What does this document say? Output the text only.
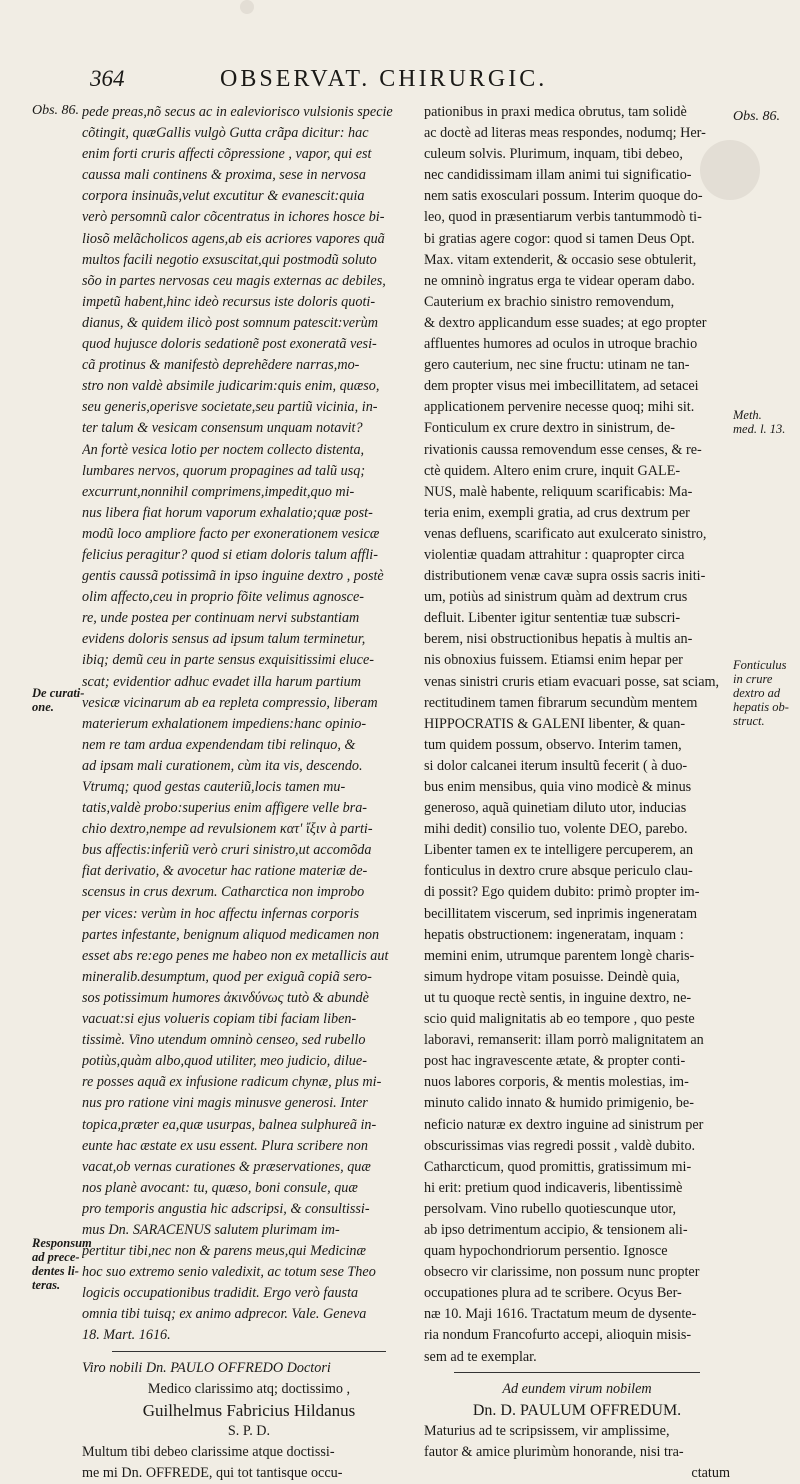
364	OBSERVAT. CHIRURGIC.
Obs. 86.	Obs. 86.
Meth.
med. l. 13.
De curati-
one.
Fonticulus
in crure
dextro ad
hepatis ob-
struct.
Responsum
ad prece-
dentes li-
teras.
pede preas,nõ secus ac in ealeviorisco vulsionis specie
cõtingit, quæGallis vulgò Gutta crãpa dicitur: hac
enim forti cruris affecti cõpressione , vapor, qui est
caussa mali continens & proxima, sese in nervosa
corpora insinuãs,velut excutitur & evanescit:quia
verò persomnũ calor cõcentratus in ichores hosce bi-
liosõ melãcholicos agens,ab eis acriores vapores quã
multos facili negotio exsuscitat,qui postmodũ soluto
sõo in partes nervosas ceu magis externas ac debiles,
impetũ habent,hinc ideò recursus iste doloris quoti-
dianus, & quidem ilicò post somnum patescit:verùm
quod hujusce doloris sedationẽ post exoneratã vesi-
cã protinus & manifestò deprehẽdere narras,mo-
stro non valdè absimile judicarim:quis enim, quæso,
seu generis,operisve societate,seu partiũ vicinia, in-
ter talum & vesicam consensum unquam notavit?
An fortè vesica lotio per noctem collecto distenta,
lumbares nervos, quorum propagines ad talũ usq;
excurrunt,nonnihil comprimens,impedit,quo mi-
nus libera fiat horum vaporum exhalatio;quæ post-
modũ loco ampliore facto per exonerationem vesicæ
felicius peragitur? quod si etiam doloris talum affli-
gentis caussã potissimã in ipso inguine dextro , postè
olim affecto,ceu in proprio fõite velimus agnosce-
re, unde postea per continuam nervi substantiam
evidens doloris sensus ad ipsum talum terminetur,
ibiq; demũ ceu in parte sensus exquisitissimi eluce-
scat; evidentior adhuc evadet illa harum partium
vesicæ vicinarum ab ea repleta compressio, liberam
materierum exhalationem impediens:hanc opinio-
nem re tam ardua expendendam tibi relinquo, &
ad ipsam mali curationem, cùm ita vis, descendo.
Vtrumq; quod gestas cauteriũ,locis tamen mu-
tatis,valdè probo:superius enim affigere velle bra-
chio dextro,nempe ad revulsionem κατ' ἴξιν à parti-
bus affectis:inferiũ verò cruri sinistro,ut accomõda
fiat derivatio, & avocetur hac ratione materiæ de-
scensus in crus dexrum. Catharctica non improbo
per vices: verùm in hoc affectu infernas corporis
partes infestante, benignum aliquod medicamen non
esset abs re:ego penes me habeo non ex metallicis aut
mineralib.desumptum, quod per exiguã copiã sero-
sos potissimum humores ἀκινδύνως tutò & abundè
vacuat:si ejus volueris copiam tibi faciam liben-
tissimè. Vino utendum omninò censeo, sed rubello
potiùs,quàm albo,quod utiliter, meo judicio, dilue-
re posses aquã ex infusione radicum chynæ, plus mi-
nus pro ratione vini magis minusve generosi. Inter
topica,præter ea,quæ usurpas, balnea sulphureã in-
eunte hac æstate ex usu essent. Plura scribere non
vacat,ob vernas curationes & præservationes, quæ
nos planè avocant: tu, quæso, boni consule, quæ
pro temporis angustia hic adscripsi, & consultissi-
mus Dn. SARACENUS salutem plurimam im-
pertitur tibi,nec non & parens meus,qui Medicinæ
hoc suo extremo senio valedixit, ac totum sese Theo
logicis occupationibus tradidit. Ergo verò fausta
omnia tibi tuisq; ex animo adprecor. Vale. Geneva
18. Mart. 1616.
Viro nobili Dn. PAULO OFFREDO Doctori
Medico clarissimo atq; doctissimo ,
Guilhelmus Fabricius Hildanus
S. P. D.
Multum tibi debeo clarissime atque doctissi-
me mi Dn. OFFREDE, qui tot tantisque occu-
pationibus in praxi medica obrutus, tam solidè
ac doctè ad literas meas respondes, nodumq; Her-
culeum solvis. Plurimum, inquam, tibi debeo,
nec candidissimam illam animi tui significatio-
nem satis exosculari possum. Interim quoque do-
leo, quod in præsentiarum verbis tantummodò ti-
bi gratias agere cogor: quod si tamen Deus Opt.
Max. vitam extenderit, & occasio sese obtulerit,
ne omninò ingratus erga te videar operam dabo.
Cauterium ex brachio sinistro removendum,
& dextro applicandum esse suades; at ego propter
affluentes humores ad oculos in utroque brachio
gero cauterium, nec sine fructu: utinam ne tan-
dem propter visus mei imbecillitatem, ad setacei
applicationem pervenire necesse quoq; mihi sit.
Fonticulum ex crure dextro in sinistrum, de-
rivationis caussa removendum esse censes, & re-
ctè quidem. Altero enim crure, inquit GALE-
NUS, malè habente, reliquum scarificabis: Ma-
teria enim, exempli gratia, ad crus dextrum per
venas defluens, scarificato aut exulcerato sinistro,
violentiæ quadam attrahitur : quapropter circa
distributionem venæ cavæ supra ossis sacris initi-
um, potiùs ad sinistrum quàm ad dextrum crus
defluit. Libenter igitur sententiæ tuæ subscri-
berem, nisi obstructionibus hepatis à multis an-
nis obnoxius fuissem. Etiamsi enim hepar per
venas sinistri cruris etiam evacuari posse, sat sciam,
rectitudinem tamen fibrarum secundùm mentem
HIPPOCRATIS & GALENI libenter, & quan-
tum quidem possum, observo. Interim tamen,
si dolor calcanei iterum insultũ fecerit ( à duo-
bus enim mensibus, quia vino modicè & minus
generoso, aquã quinetiam diluto utor, inducias
mihi dedit) consilio tuo, volente DEO, parebo.
Libenter tamen ex te intelligere percuperem, an
fonticulus in dextro crure absque periculo clau-
di possit? Ego quidem dubito: primò propter im-
becillitatem viscerum, sed inprimis ingeneratam
hepatis obstructionem: ingeneratam, inquam :
memini enim, utrumque parentem longè charis-
simum hydrope vitam posuisse. Deindè quia,
ut tu quoque rectè sentis, in inguine dextro, ne-
scio quid malignitatis ab eo tempore , quo peste
laboravi, remanserit: illam porrò malignitatem an
post hac ingravescente ætate, & propter conti-
nuos labores corporis, & mentis molestias, im-
minuto calido innato & humido primigenio, be-
neficio naturæ ex dextro inguine ad sinistrum per
obscurissimas vias regredi possit , valdè dubito.
Catharcticum, quod promittis, gratissimum mi-
hi erit: pretium quod indicaveris, libentissimè
persolvam. Vino rubello quotiescunque utor,
ab ipso detrimentum accipio, & tensionem ali-
quam hypochondriorum persentio. Ignosce
obsecro vir clarissime, non possum nunc propter
occupationes plura ad te scribere. Ocyus Ber-
næ 10. Maji 1616. Tractatum meum de dysente-
ria nondum Francofurto accepi, alioquin misis-
sem ad te exemplar.
Ad eundem virum nobilem
Dn. D. PAULUM OFFREDUM.
Maturius ad te scripsissem, vir amplissime,
fautor & amice plurimùm honorande, nisi tra-
ctatum
